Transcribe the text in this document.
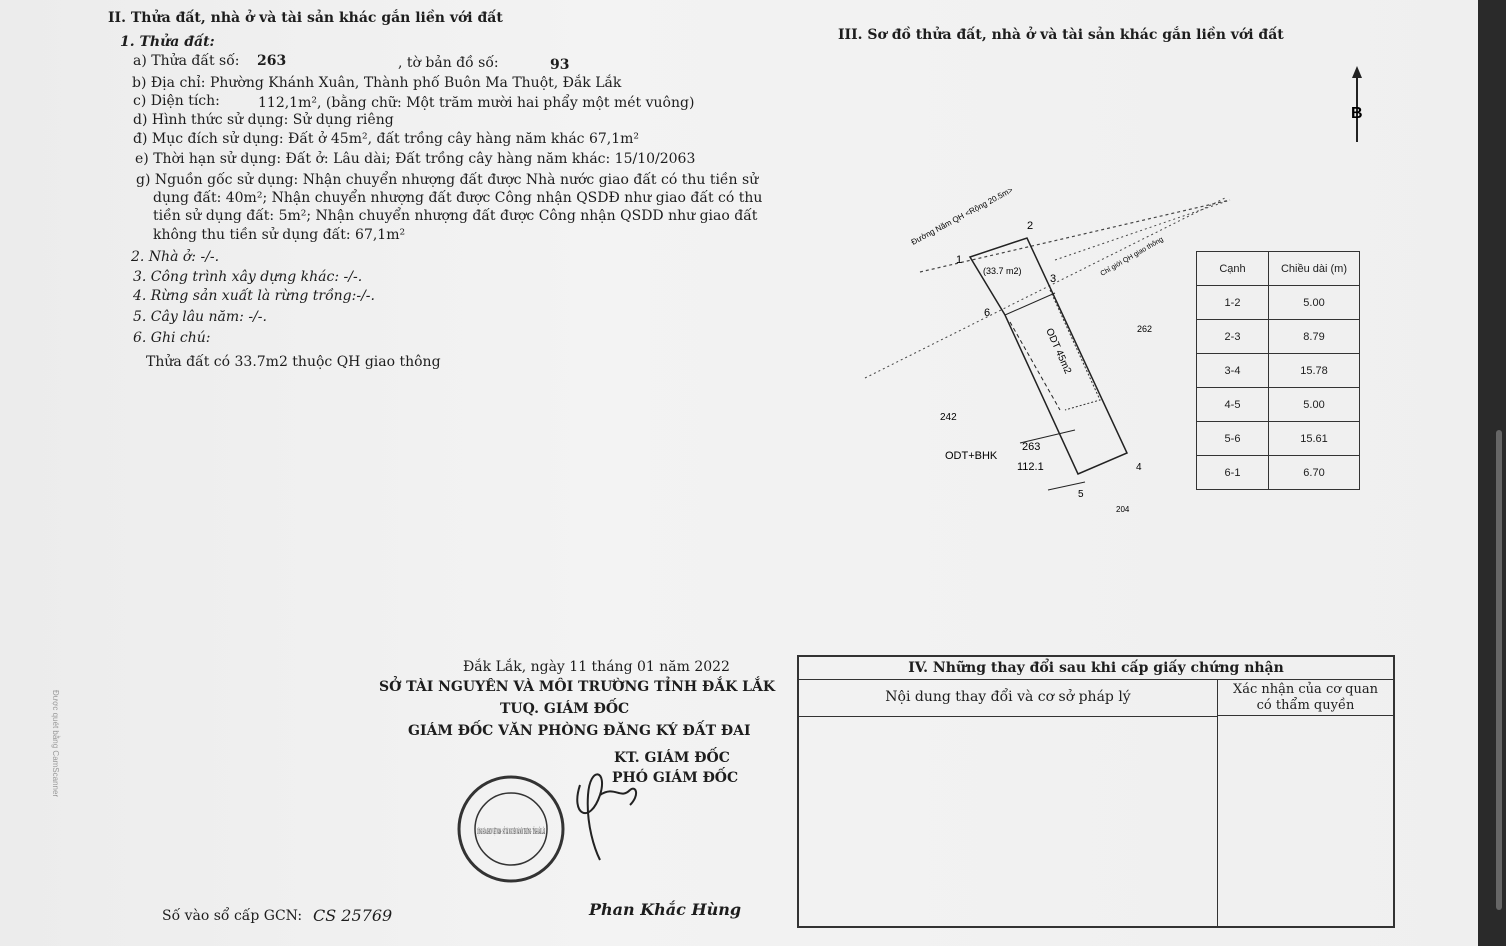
II. Thửa đất, nhà ở và tài sản khác gắn liền với đất
1. Thửa đất:
a) Thửa đất số: 263	, tờ bản đồ số:	93
b) Địa chỉ: Phường Khánh Xuân, Thành phố Buôn Ma Thuột, Đắk Lắk
c) Diện tích:	112,1m², (bằng chữ: Một trăm mười hai phẩy một mét vuông)
d) Hình thức sử dụng: Sử dụng riêng
đ) Mục đích sử dụng: Đất ở 45m², đất trồng cây hàng năm khác 67,1m²
e) Thời hạn sử dụng: Đất ở: Lâu dài; Đất trồng cây hàng năm khác: 15/10/2063
g) Nguồn gốc sử dụng: Nhận chuyển nhượng đất được Nhà nước giao đất có thu tiền sử
dụng đất: 40m²; Nhận chuyển nhượng đất được Công nhận QSDĐ như giao đất có thu
tiền sử dụng đất: 5m²; Nhận chuyển nhượng đất được Công nhận QSDD như giao đất
không thu tiền sử dụng đất: 67,1m²
2. Nhà ở: -/-.
3. Công trình xây dựng khác: -/-.
4. Rừng sản xuất là rừng trồng:-/-.
5. Cây lâu năm: -/-.
6. Ghi chú:
Thửa đất có 33.7m2 thuộc QH giao thông
III. Sơ đồ thửa đất, nhà ở và tài sản khác gắn liền với đất
B
Đường Năm QH <Rộng 20.5m>
Chỉ giới QH giao thông
(33.7 m2)
ODT 45m2
1
2
3
4
5
6
262
242
204
ODT+BHK
263
112.1
Cạnh	Chiều dài (m)
1-2	5.00
2-3	8.79
3-4	15.78
4-5	5.00
5-6	15.61
6-1	6.70
Được quét bằng CamScanner
Đắk Lắk, ngày 11 tháng 01 năm 2022
SỞ TÀI NGUYÊN VÀ MÔI TRƯỜNG TỈNH ĐẮK LẮK
TUQ. GIÁM ĐỐC
GIÁM ĐỐC VĂN PHÒNG ĐĂNG KÝ ĐẤT ĐAI
KT. GIÁM ĐỐC
PHÓ GIÁM ĐỐC
CỘNG HÒA XHCN VIỆT NAM · SỞ TÀI NGUYÊN VÀ MÔI TRƯỜNG · TỈNH ĐẮK LẮK
Phan Khắc Hùng
Số vào sổ cấp GCN: CS 25769
IV. Những thay đổi sau khi cấp giấy chứng nhận
Nội dung thay đổi và cơ sở pháp lý	Xác nhận của cơ quan
có thẩm quyền
